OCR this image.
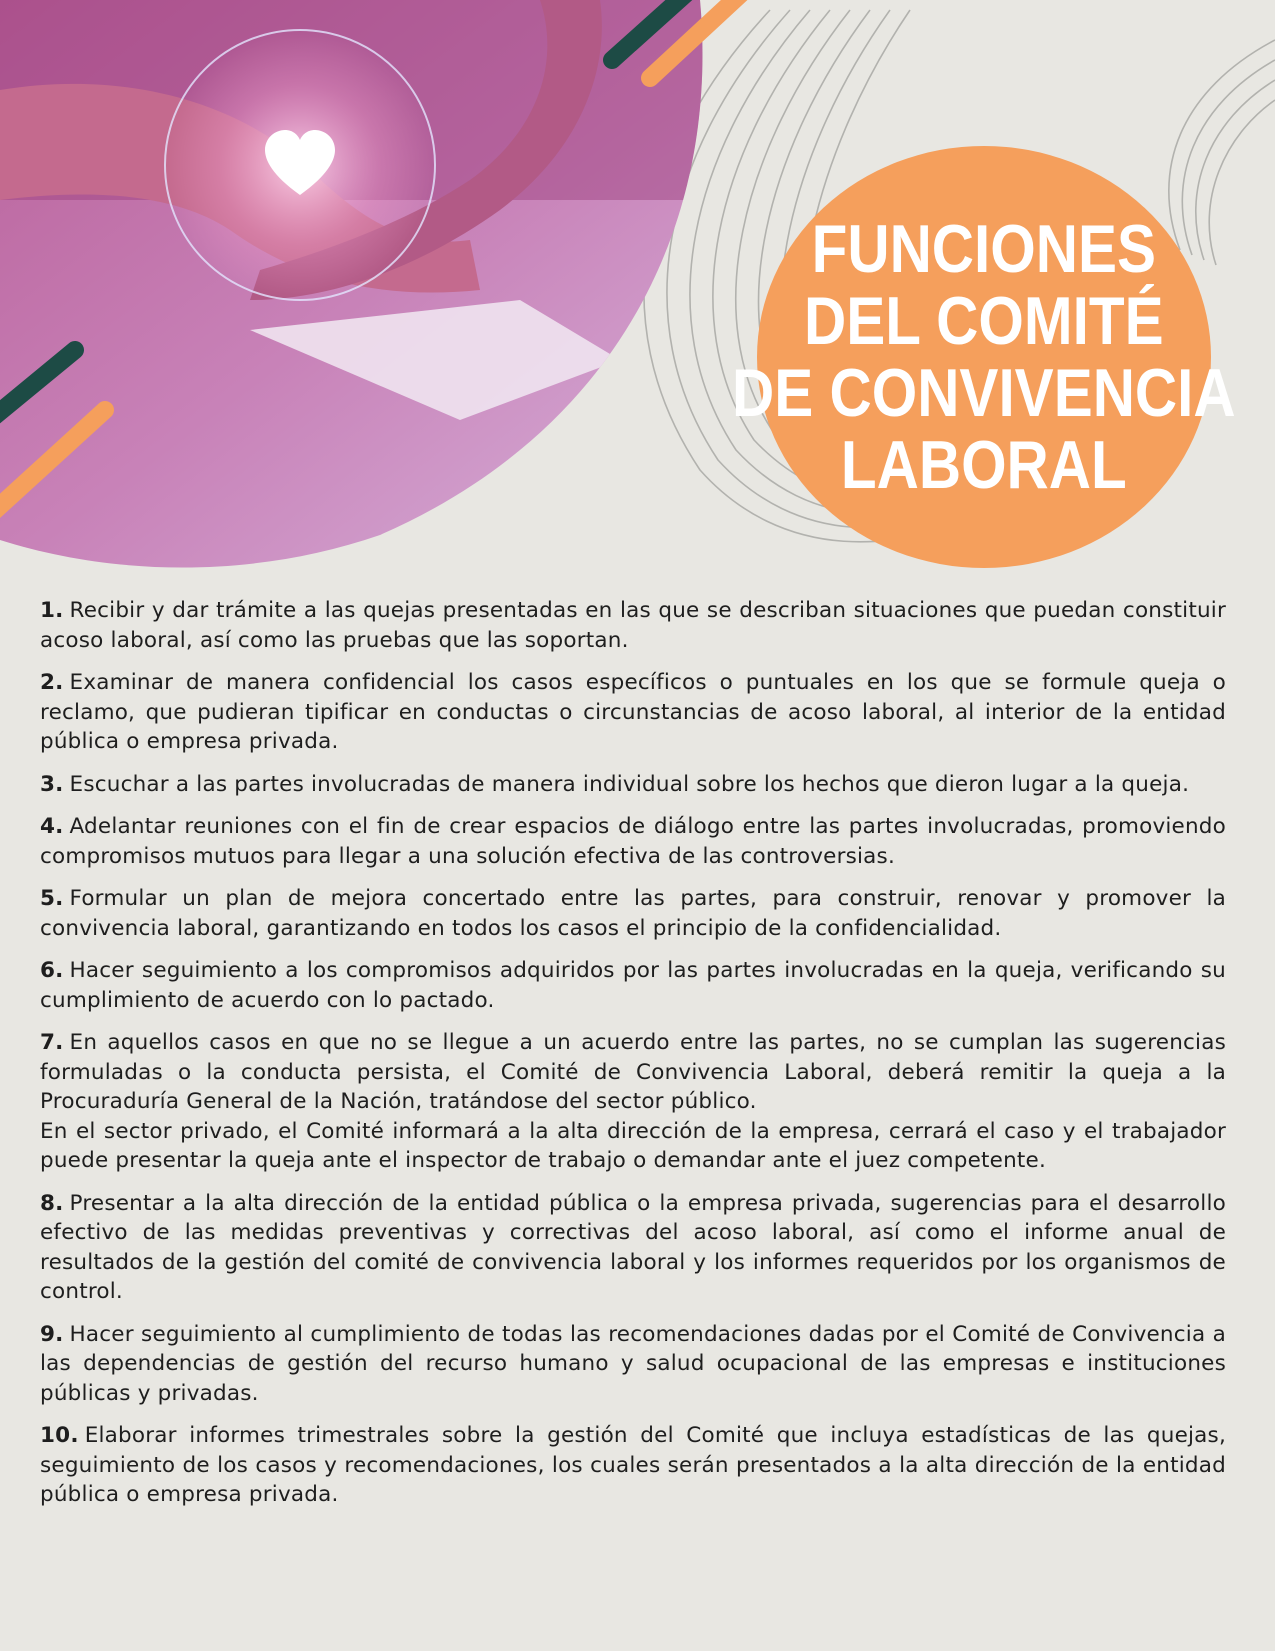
FUNCIONES
DEL COMITÉ
DE CONVIVENCIA
LABORAL

1. Recibir y dar trámite a las quejas presentadas en las que se describan situaciones que puedan constituir acoso laboral, así como las pruebas que las soportan.

2. Examinar de manera confidencial los casos específicos o puntuales en los que se formule queja o reclamo, que pudieran tipificar en conductas o circunstancias de acoso laboral, al interior de la entidad pública o empresa privada.

3. Escuchar a las partes involucradas de manera individual sobre los hechos que dieron lugar a la queja.

4. Adelantar reuniones con el fin de crear espacios de diálogo entre las partes involucradas, promoviendo compromisos mutuos para llegar a una solución efectiva de las controversias.

5. Formular un plan de mejora concertado entre las partes, para construir, renovar y promover la convivencia laboral, garantizando en todos los casos el principio de la confidencialidad.

6. Hacer seguimiento a los compromisos adquiridos por las partes involucradas en la queja, verificando su cumplimiento de acuerdo con lo pactado.

7. En aquellos casos en que no se llegue a un acuerdo entre las partes, no se cumplan las sugerencias formuladas o la conducta persista, el Comité de Convivencia Laboral, deberá remitir la queja a la Procuraduría General de la Nación, tratándose del sector público.
En el sector privado, el Comité informará a la alta dirección de la empresa, cerrará el caso y el trabajador puede presentar la queja ante el inspector de trabajo o demandar ante el juez competente.

8. Presentar a la alta dirección de la entidad pública o la empresa privada, sugerencias para el desarrollo efectivo de las medidas preventivas y correctivas del acoso laboral, así como el informe anual de resultados de la gestión del comité de convivencia laboral y los informes requeridos por los organismos de control.

9. Hacer seguimiento al cumplimiento de todas las recomendaciones dadas por el Comité de Convivencia a las dependencias de gestión del recurso humano y salud ocupacional de las empresas e instituciones públicas y privadas.

10. Elaborar informes trimestrales sobre la gestión del Comité que incluya estadísticas de las quejas, seguimiento de los casos y recomendaciones, los cuales serán presentados a la alta dirección de la entidad pública o empresa privada.
